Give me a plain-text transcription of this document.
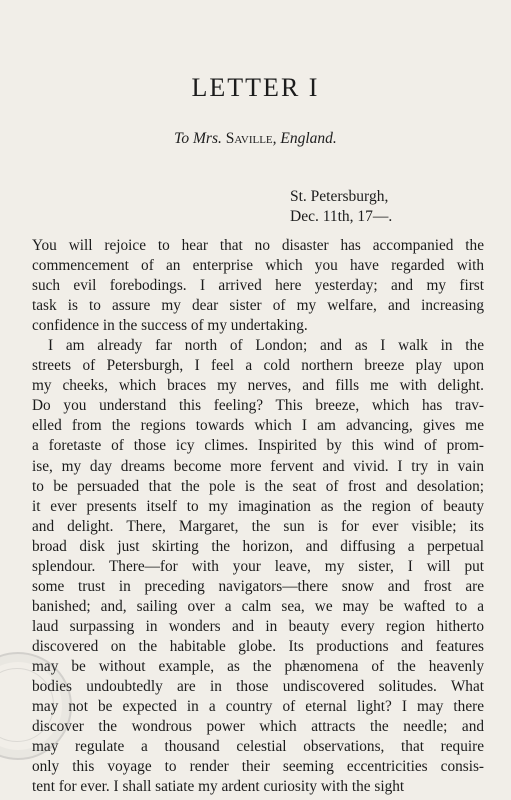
LETTER I
To Mrs. Saville, England.
St. Petersburgh,
Dec. 11th, 17—.
You will rejoice to hear that no disaster has accompanied the
commencement of an enterprise which you have regarded with
such evil forebodings. I arrived here yesterday; and my first
task is to assure my dear sister of my welfare, and increasing
confidence in the success of my undertaking.
I am already far north of London; and as I walk in the
streets of Petersburgh, I feel a cold northern breeze play upon
my cheeks, which braces my nerves, and fills me with delight.
Do you understand this feeling? This breeze, which has trav-
elled from the regions towards which I am advancing, gives me
a foretaste of those icy climes. Inspirited by this wind of prom-
ise, my day dreams become more fervent and vivid. I try in vain
to be persuaded that the pole is the seat of frost and desolation;
it ever presents itself to my imagination as the region of beauty
and delight. There, Margaret, the sun is for ever visible; its
broad disk just skirting the horizon, and diffusing a perpetual
splendour. There—for with your leave, my sister, I will put
some trust in preceding navigators—there snow and frost are
banished; and, sailing over a calm sea, we may be wafted to a
laud surpassing in wonders and in beauty every region hitherto
discovered on the habitable globe. Its productions and features
may be without example, as the phænomena of the heavenly
bodies undoubtedly are in those undiscovered solitudes. What
may not be expected in a country of eternal light? I may there
discover the wondrous power which attracts the needle; and
may regulate a thousand celestial observations, that require
only this voyage to render their seeming eccentricities consis-
tent for ever. I shall satiate my ardent curiosity with the sight
